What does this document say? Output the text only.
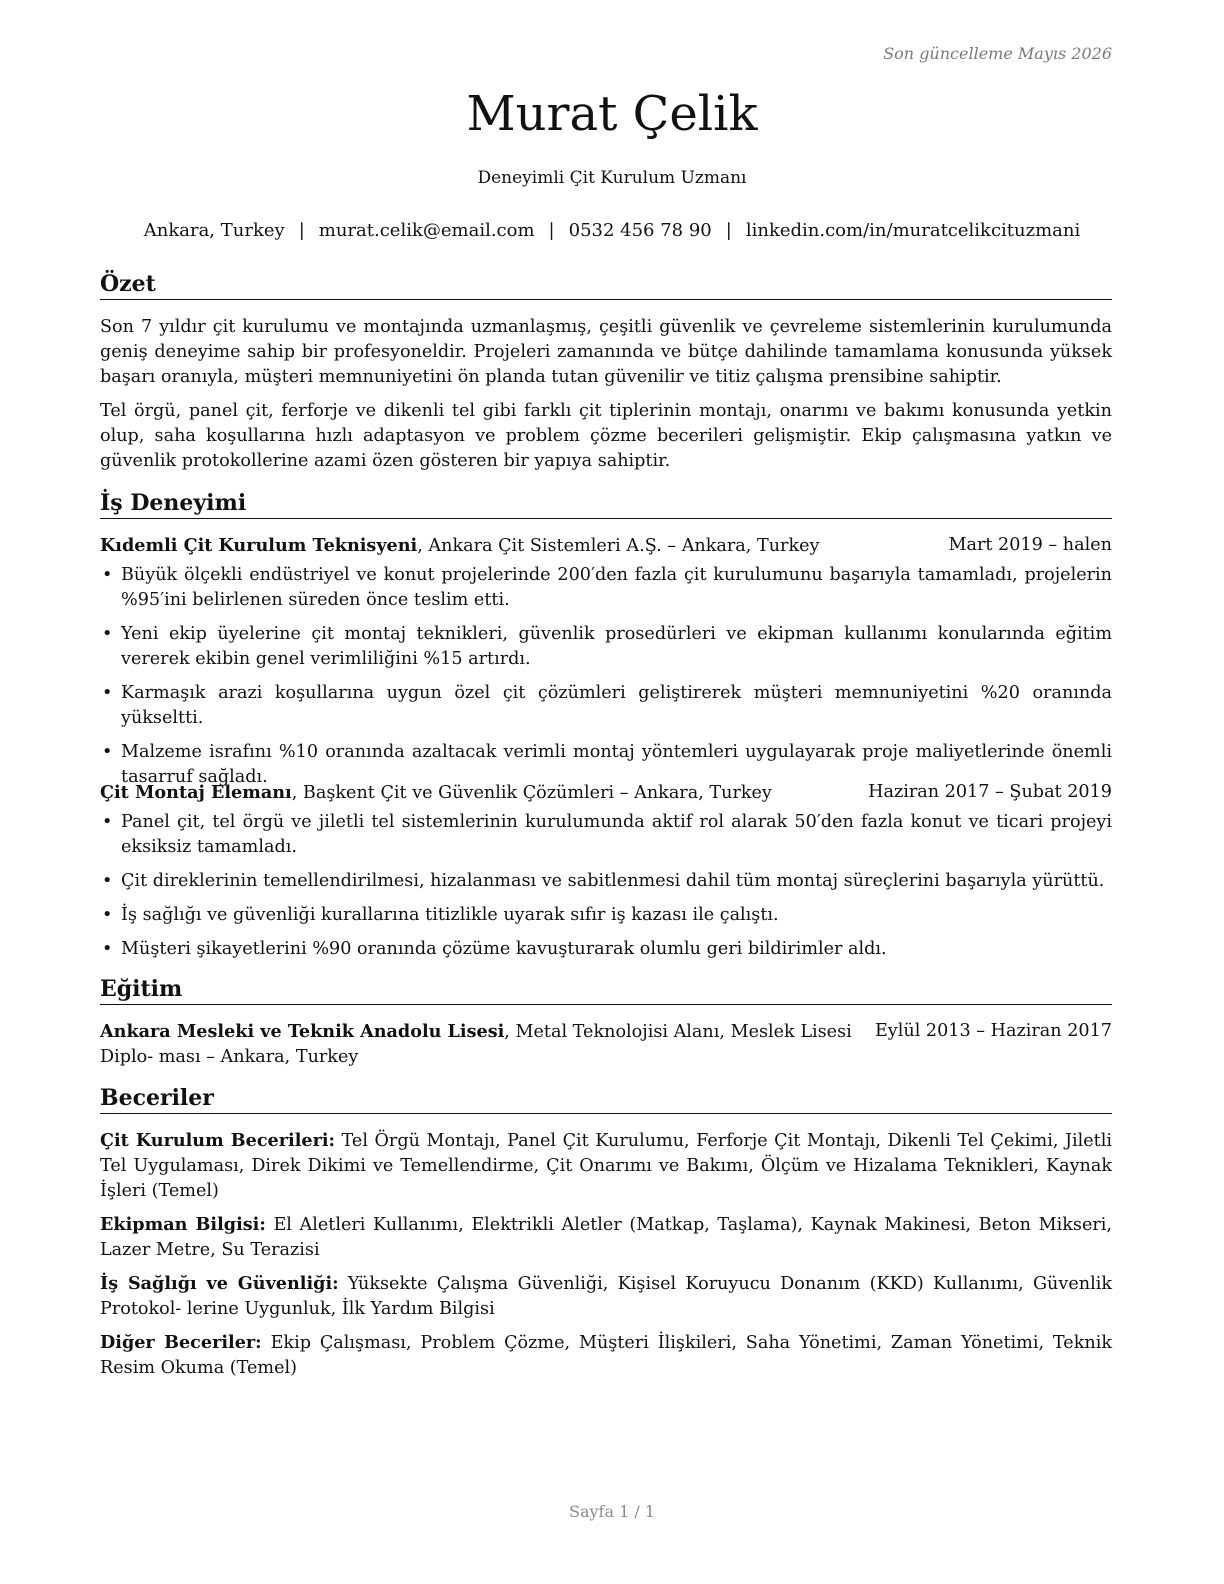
Son güncelleme Mayıs 2026
Murat Çelik
Deneyimli Çit Kurulum Uzmanı
Ankara, Turkey | murat.celik@email.com | 0532 456 78 90 | linkedin.com/in/muratcelikcituzmani
Özet

Son 7 yıldır çit kurulumu ve montajında uzmanlaşmış, çeşitli güvenlik ve çevreleme sistemlerinin kurulumunda geniş deneyime sahip bir profesyoneldir. Projeleri zamanında ve bütçe dahilinde tamamlama konusunda yüksek başarı oranıyla, müşteri memnuniyetini ön planda tutan güvenilir ve titiz çalışma prensibine sahiptir.

Tel örgü, panel çit, ferforje ve dikenli tel gibi farklı çit tiplerinin montajı, onarımı ve bakımı konusunda yetkin olup, saha koşullarına hızlı adaptasyon ve problem çözme becerileri gelişmiştir. Ekip çalışmasına yatkın ve güvenlik protokollerine azami özen gösteren bir yapıya sahiptir.

İş Deneyimi
Kıdemli Çit Kurulum Teknisyeni, Ankara Çit Sistemleri A.Ş. – Ankara, Turkey	Mart 2019 – halen
• Büyük ölçekli endüstriyel ve konut projelerinde 200′den fazla çit kurulumunu başarıyla tamamladı, projelerin %95′ini belirlenen süreden önce teslim etti.
• Yeni ekip üyelerine çit montaj teknikleri, güvenlik prosedürleri ve ekipman kullanımı konularında eğitim vererek ekibin genel verimliliğini %15 artırdı.
• Karmaşık arazi koşullarına uygun özel çit çözümleri geliştirerek müşteri memnuniyetini %20 oranında yükseltti.
• Malzeme israfını %10 oranında azaltacak verimli montaj yöntemleri uygulayarak proje maliyetlerinde önemli tasarruf sağladı.
Çit Montaj Elemanı, Başkent Çit ve Güvenlik Çözümleri – Ankara, Turkey	Haziran 2017 – Şubat 2019
• Panel çit, tel örgü ve jiletli tel sistemlerinin kurulumunda aktif rol alarak 50′den fazla konut ve ticari projeyi eksiksiz tamamladı.
• Çit direklerinin temellendirilmesi, hizalanması ve sabitlenmesi dahil tüm montaj süreçlerini başarıyla yürüttü.
• İş sağlığı ve güvenliği kurallarına titizlikle uyarak sıfır iş kazası ile çalıştı.
• Müşteri şikayetlerini %90 oranında çözüme kavuşturarak olumlu geri bildirimler aldı.
Eğitim
Ankara Mesleki ve Teknik Anadolu Lisesi, Metal Teknolojisi Alanı, Meslek Lisesi Diplo- ması – Ankara, Turkey
Eylül 2013 – Haziran 2017
Beceriler

Çit Kurulum Becerileri: Tel Örgü Montajı, Panel Çit Kurulumu, Ferforje Çit Montajı, Dikenli Tel Çekimi, Jiletli Tel Uygulaması, Direk Dikimi ve Temellendirme, Çit Onarımı ve Bakımı, Ölçüm ve Hizalama Teknikleri, Kaynak İşleri (Temel)

Ekipman Bilgisi: El Aletleri Kullanımı, Elektrikli Aletler (Matkap, Taşlama), Kaynak Makinesi, Beton Mikseri, Lazer Metre, Su Terazisi

İş Sağlığı ve Güvenliği: Yüksekte Çalışma Güvenliği, Kişisel Koruyucu Donanım (KKD) Kullanımı, Güvenlik Protokol- lerine Uygunluk, İlk Yardım Bilgisi

Diğer Beceriler: Ekip Çalışması, Problem Çözme, Müşteri İlişkileri, Saha Yönetimi, Zaman Yönetimi, Teknik Resim Okuma (Temel)

Sayfa 1 / 1
